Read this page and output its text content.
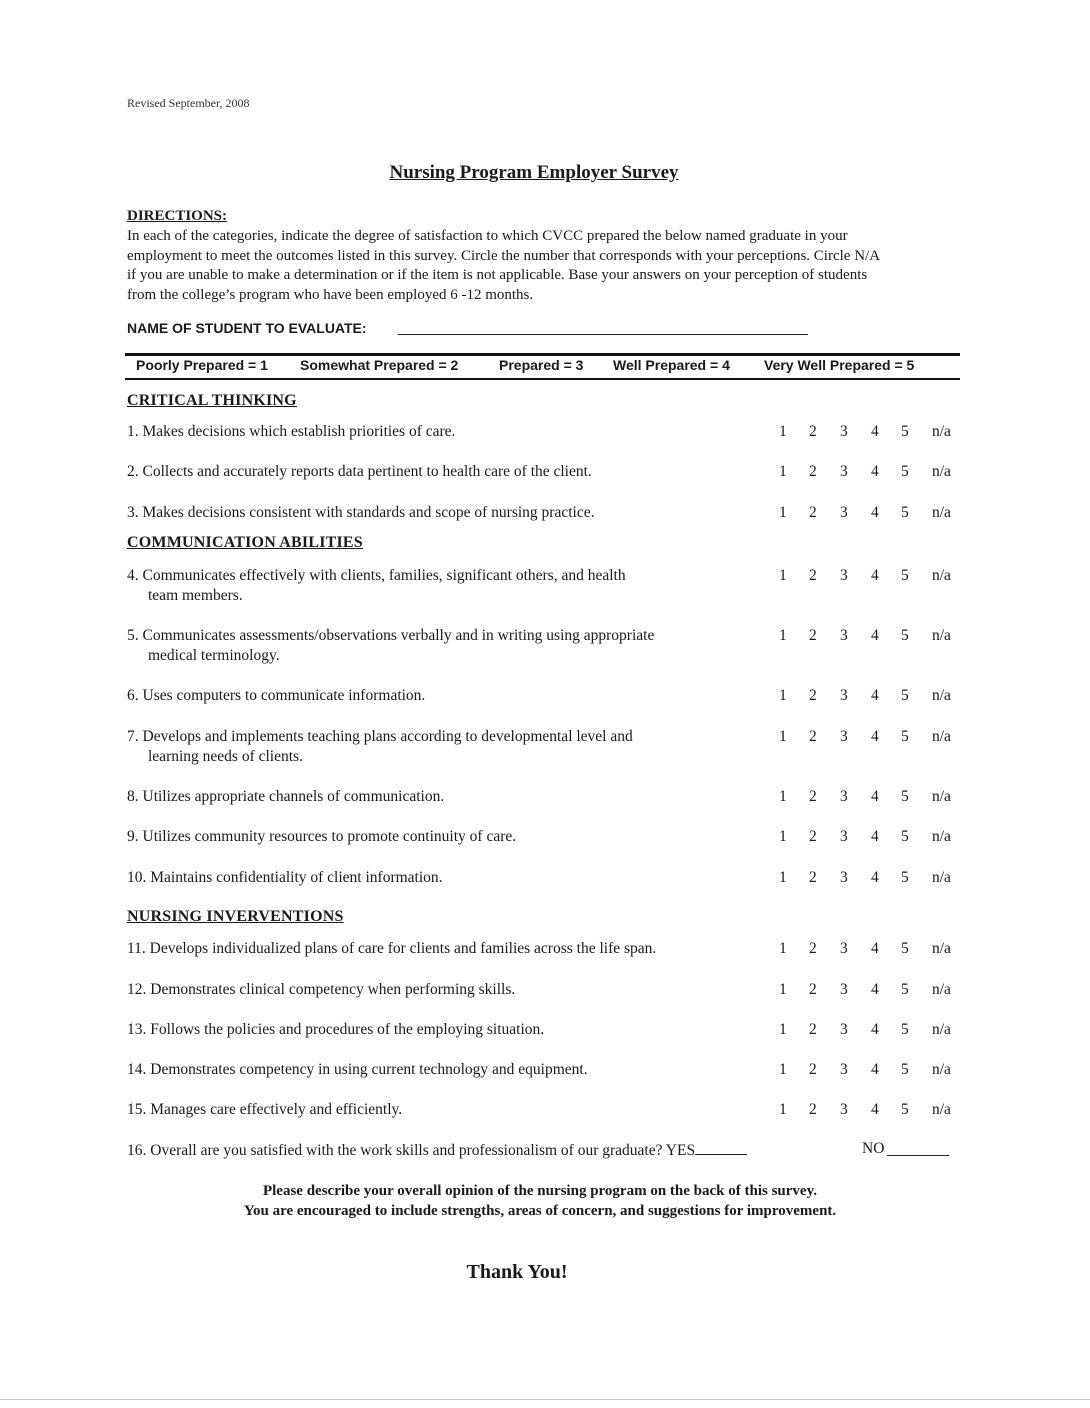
Revised September, 2008
Nursing Program Employer Survey
DIRECTIONS:
In each of the categories, indicate the degree of satisfaction to which CVCC prepared the below named graduate in your employment to meet the outcomes listed in this survey. Circle the number that corresponds with your perceptions. Circle N/A if you are unable to make a determination or if the item is not applicable. Base your answers on your perception of students from the college’s program who have been employed 6 -12 months.
NAME OF STUDENT TO EVALUATE:
Poorly Prepared = 1 Somewhat Prepared = 2	Prepared = 3 Well Prepared = 4 Very Well Prepared = 5
CRITICAL THINKING
COMMUNICATION ABILITIES
NURSING INVERVENTIONS
1. Makes decisions which establish priorities of care.	1 2 3 4 5 n/a
2. Collects and accurately reports data pertinent to health care of the client.	1 2 3 4 5 n/a
3. Makes decisions consistent with standards and scope of nursing practice.	1 2 3 4 5 n/a
4. Communicates effectively with clients, families, significant others, and health
team members.
1 2 3 4 5 n/a
5. Communicates assessments/observations verbally and in writing using appropriate
medical terminology.
1 2 3 4 5 n/a
6. Uses computers to communicate information.	1 2 3 4 5 n/a
7. Develops and implements teaching plans according to developmental level and
learning needs of clients.
1 2 3 4 5 n/a
8. Utilizes appropriate channels of communication.	1 2 3 4 5 n/a
9. Utilizes community resources to promote continuity of care.	1 2 3 4 5 n/a
10. Maintains confidentiality of client information.	1 2 3 4 5 n/a
11. Develops individualized plans of care for clients and families across the life span.	1 2 3 4 5 n/a
12. Demonstrates clinical competency when performing skills.	1 2 3 4 5 n/a
13. Follows the policies and procedures of the employing situation.	1 2 3 4 5 n/a
14. Demonstrates competency in using current technology and equipment.	1 2 3 4 5 n/a
15. Manages care effectively and efficiently.	1 2 3 4 5 n/a
16. Overall are you satisfied with the work skills and professionalism of our graduate? YES	NO
Please describe your overall opinion of the nursing program on the back of this survey.
You are encouraged to include strengths, areas of concern, and suggestions for improvement.
Thank You!
